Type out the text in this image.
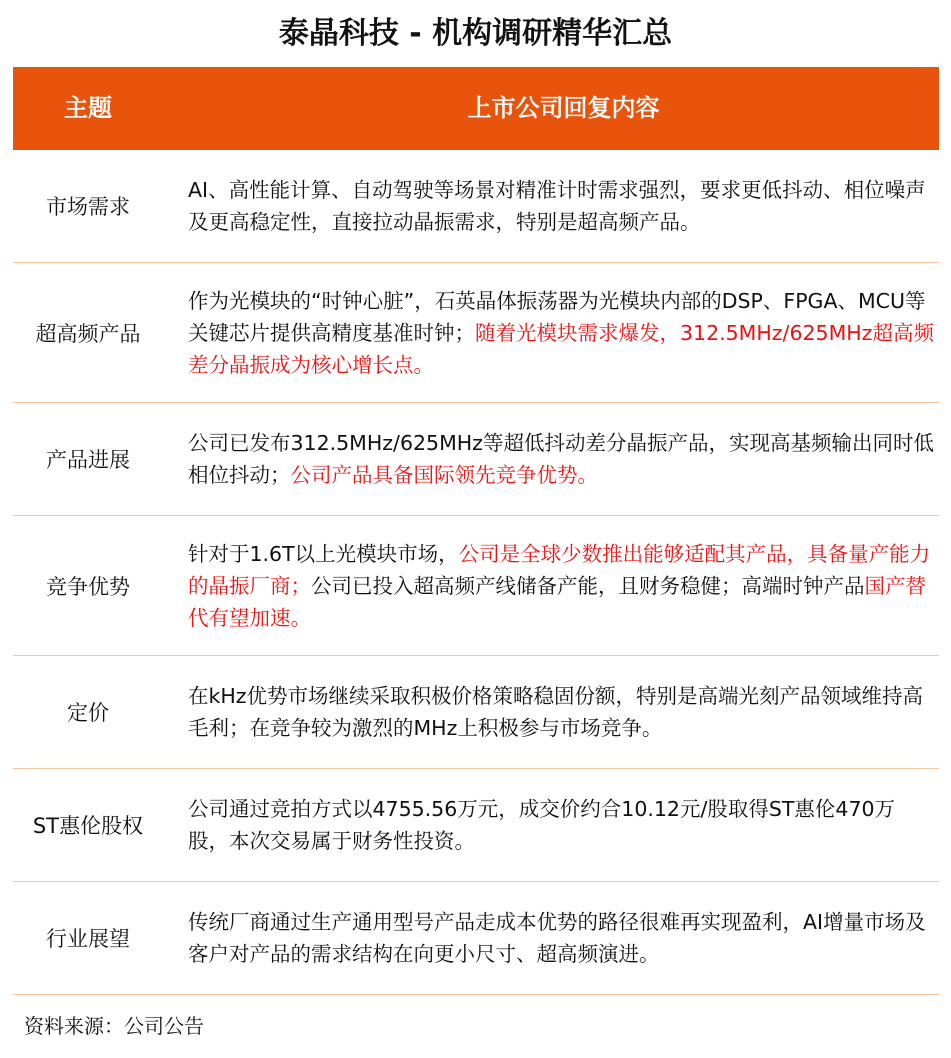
泰晶科技 - 机构调研精华汇总
主题	上市公司回复内容
市场需求
AI、高性能计算、自动驾驶等场景对精准计时需求强烈，要求更低抖动、相位噪声及更高稳定性，直接拉动晶振需求，特别是超高频产品。
超高频产品
作为光模块的“时钟心脏”，石英晶体振荡器为光模块内部的DSP、FPGA、MCU等关键芯片提供高精度基准时钟；随着光模块需求爆发，312.5MHz/625MHz超高频差分晶振成为核心增长点。
产品进展
公司已发布312.5MHz/625MHz等超低抖动差分晶振产品，实现高基频输出同时低相位抖动；公司产品具备国际领先竞争优势。
竞争优势
针对于1.6T以上光模块市场，公司是全球少数推出能够适配其产品，具备量产能力的晶振厂商；公司已投入超高频产线储备产能，且财务稳健；高端时钟产品国产替代有望加速。
定价
在kHz优势市场继续采取积极价格策略稳固份额，特别是高端光刻产品领域维持高毛利；在竞争较为激烈的MHz上积极参与市场竞争。
ST惠伦股权
公司通过竞拍方式以4755.56万元，成交价约合10.12元/股取得ST惠伦470万股，本次交易属于财务性投资。
行业展望
传统厂商通过生产通用型号产品走成本优势的路径很难再实现盈利，AI增量市场及客户对产品的需求结构在向更小尺寸、超高频演进。
资料来源：公司公告
